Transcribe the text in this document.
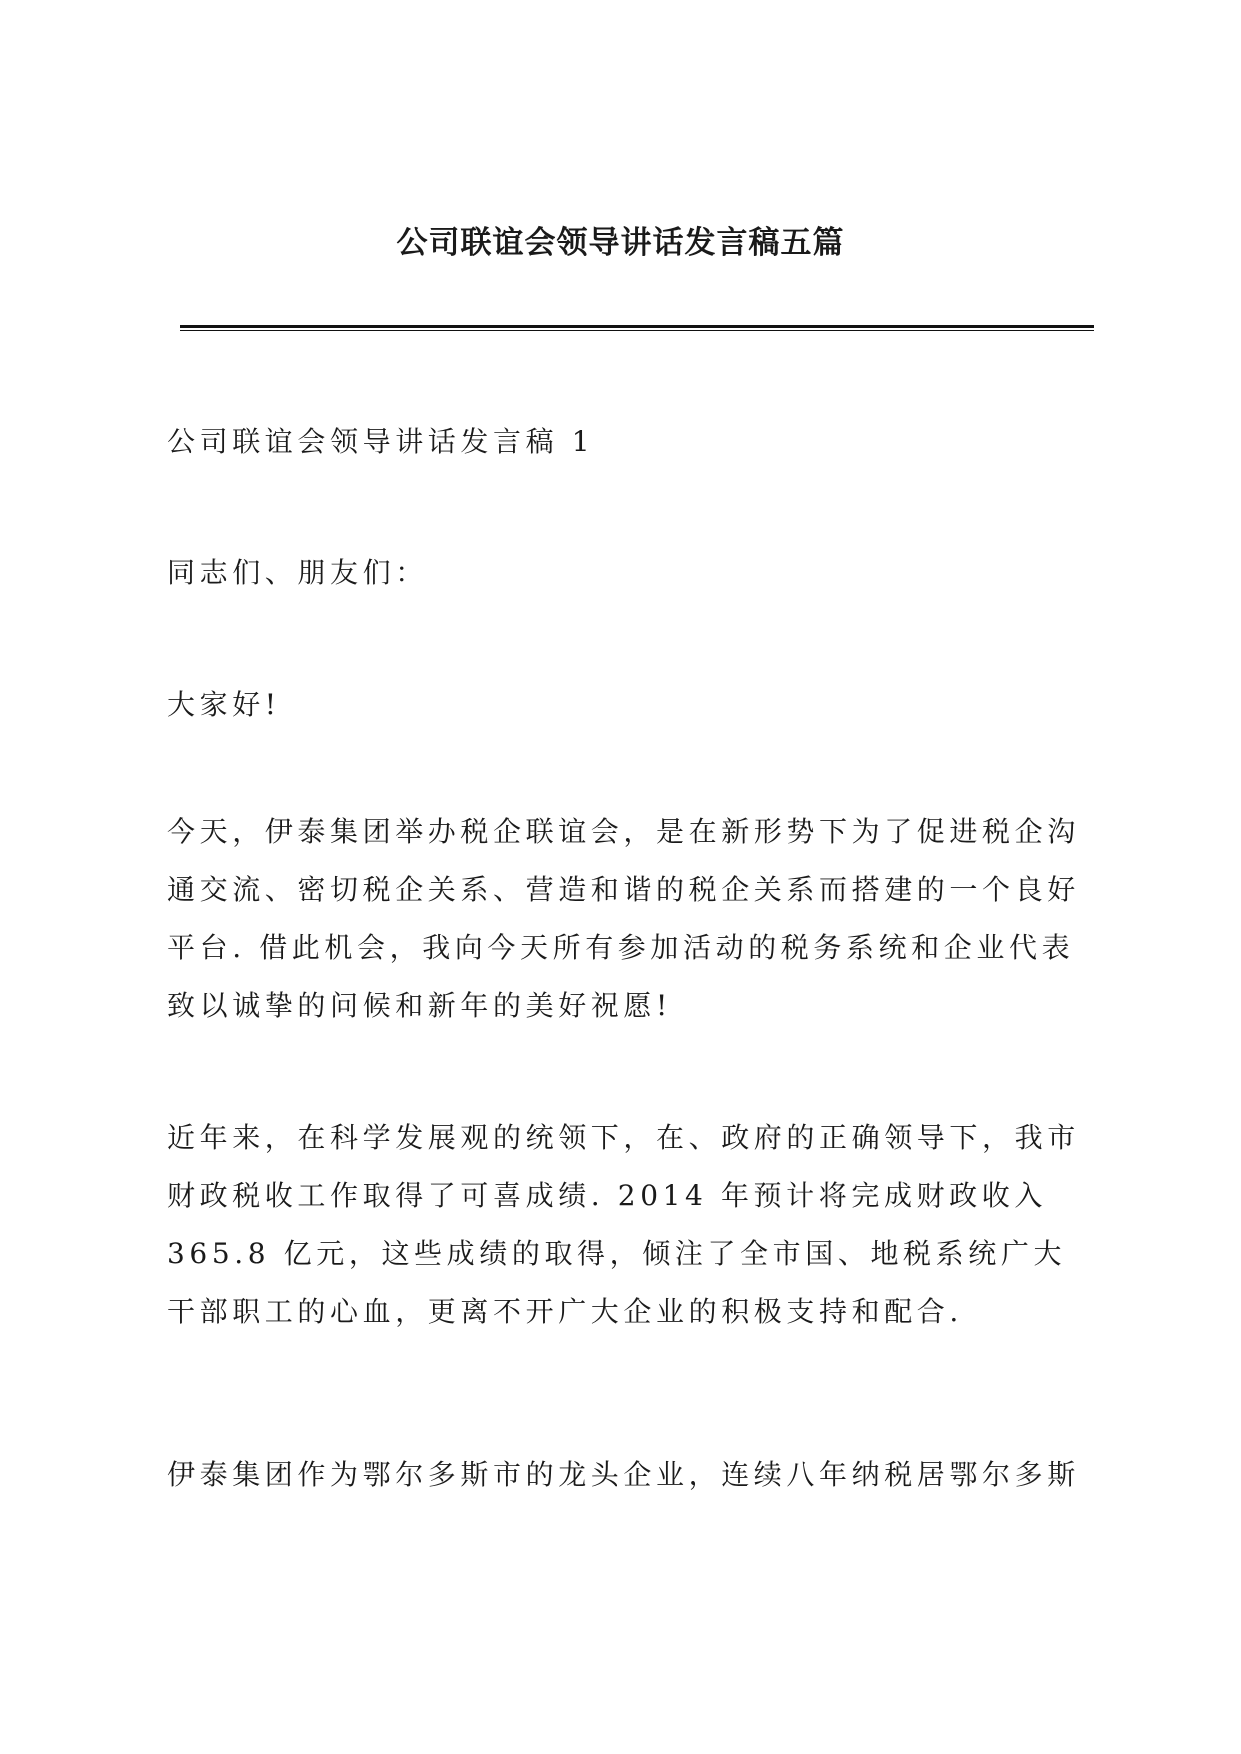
公司联谊会领导讲话发言稿五篇

公司联谊会领导讲话发言稿 1

同志们、朋友们：

大家好!

今天，伊泰集团举办税企联谊会，是在新形势下为了促进税企沟通交流、密切税企关系、营造和谐的税企关系而搭建的一个良好平台. 借此机会，我向今天所有参加活动的税务系统和企业代表致以诚挚的问候和新年的美好祝愿!

近年来，在科学发展观的统领下，在、政府的正确领导下，我市财政税收工作取得了可喜成绩. 2014 年预计将完成财政收入 365.8 亿元，这些成绩的取得，倾注了全市国、地税系统广大干部职工的心血，更离不开广大企业的积极支持和配合.

伊泰集团作为鄂尔多斯市的龙头企业，连续八年纳税居鄂尔多斯
